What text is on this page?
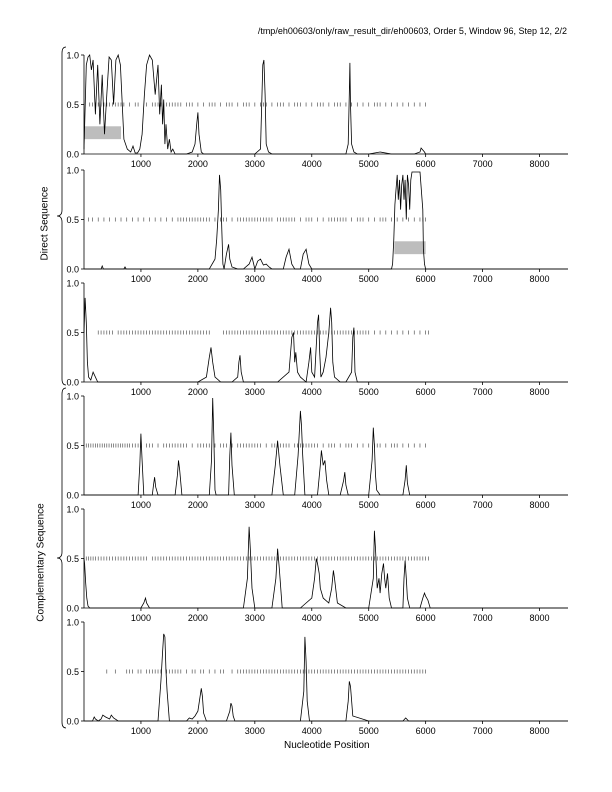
/tmp/eh00603/only/raw_result_dir/eh00603, Order 5, Window 96, Step 12, 2/2
0.0
0.5
1.0
1000	2000	3000	4000	5000	6000	7000	8000
0.0
0.5
1.0
1000	2000	3000	4000	5000	6000	7000	8000
0.0
0.5
1.0
1000	2000	3000	4000	5000	6000	7000	8000
0.0
0.5
1.0
1000	2000	3000	4000	5000	6000	7000	8000
0.0
0.5
1.0
1000	2000	3000	4000	5000	6000	7000	8000
0.0
0.5
1.0
1000	2000	3000	4000	5000	6000	7000	8000
Direct Sequence
Complementary Sequence
Nucleotide Position
